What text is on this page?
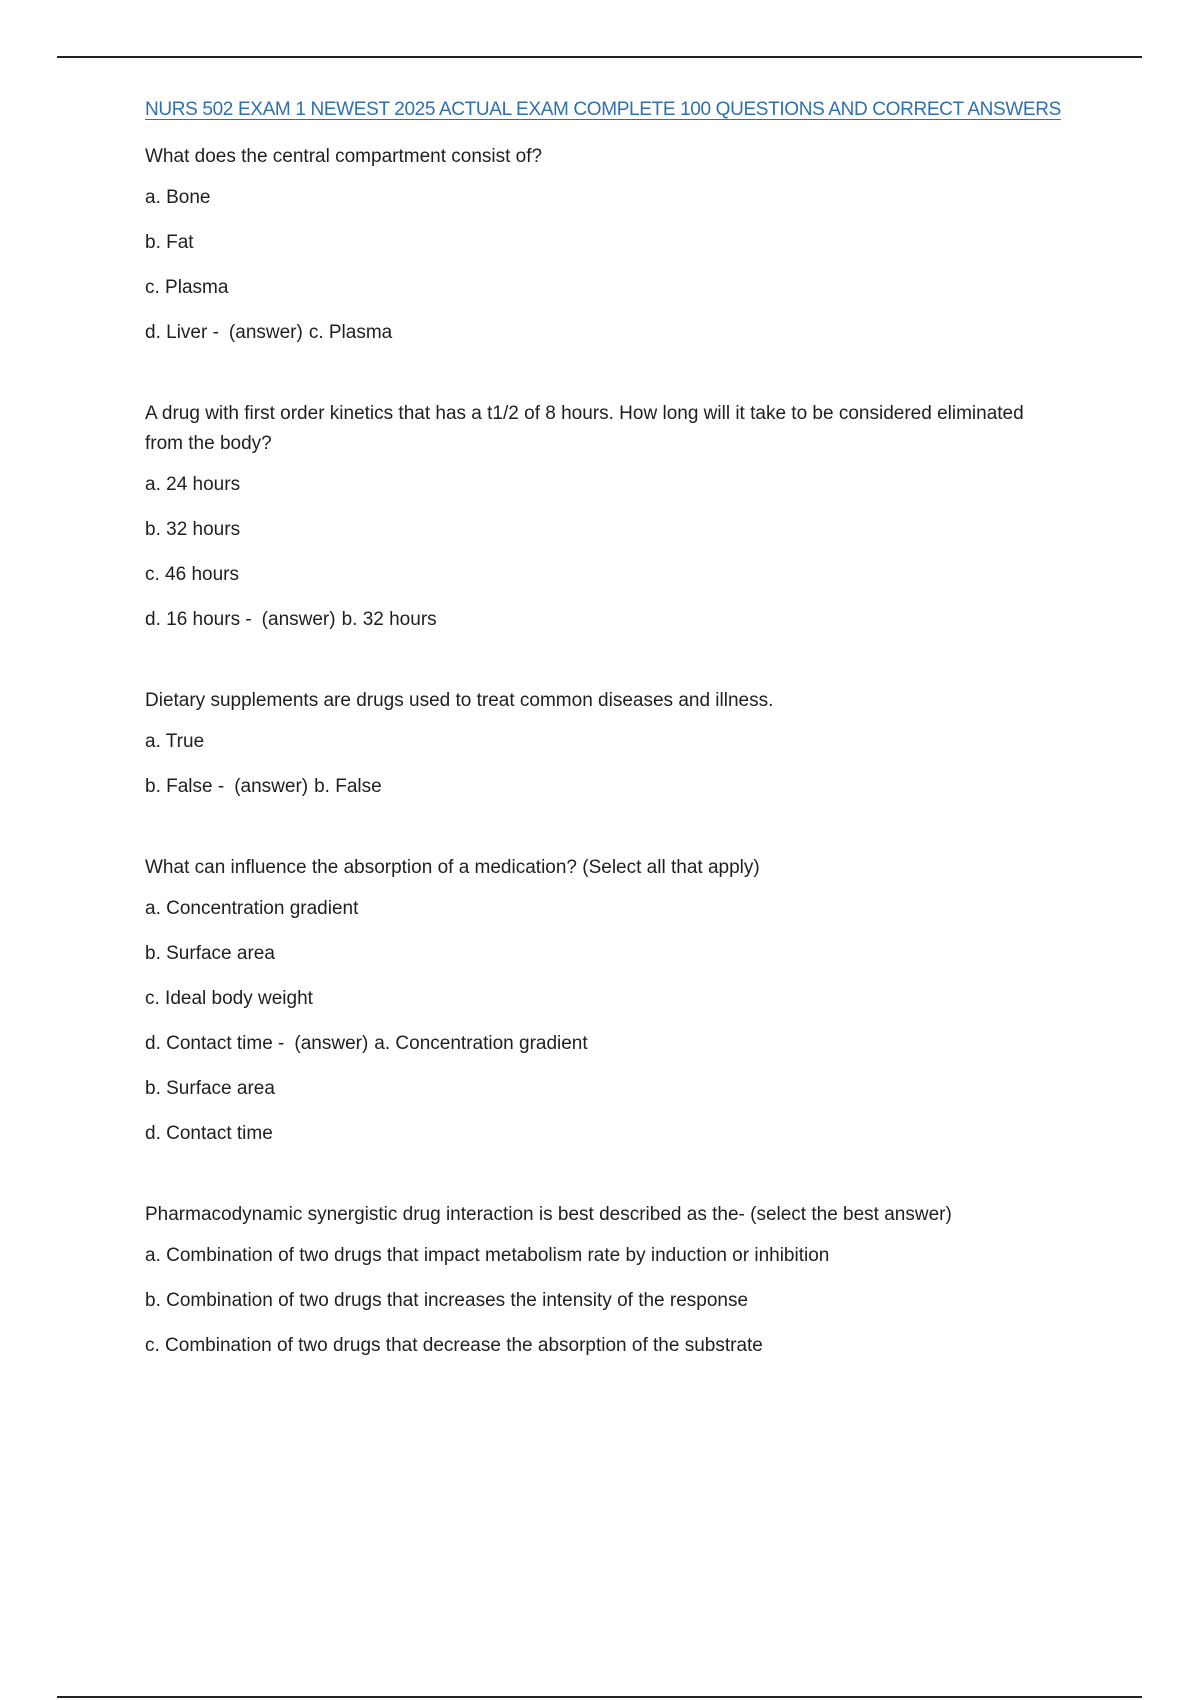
NURS 502 EXAM 1 NEWEST 2025 ACTUAL EXAM COMPLETE 100 QUESTIONS AND CORRECT ANSWERS
What does the central compartment consist of?
a. Bone
b. Fat
c. Plasma
d. Liver - (answer) c. Plasma
A drug with first order kinetics that has a t1/2 of 8 hours. How long will it take to be considered eliminated from the body?
a. 24 hours
b. 32 hours
c. 46 hours
d. 16 hours - (answer) b. 32 hours
Dietary supplements are drugs used to treat common diseases and illness.
a. True
b. False - (answer) b. False
What can influence the absorption of a medication? (Select all that apply)
a. Concentration gradient
b. Surface area
c. Ideal body weight
d. Contact time - (answer) a. Concentration gradient
b. Surface area
d. Contact time
Pharmacodynamic synergistic drug interaction is best described as the- (select the best answer)
a. Combination of two drugs that impact metabolism rate by induction or inhibition
b. Combination of two drugs that increases the intensity of the response
c. Combination of two drugs that decrease the absorption of the substrate
